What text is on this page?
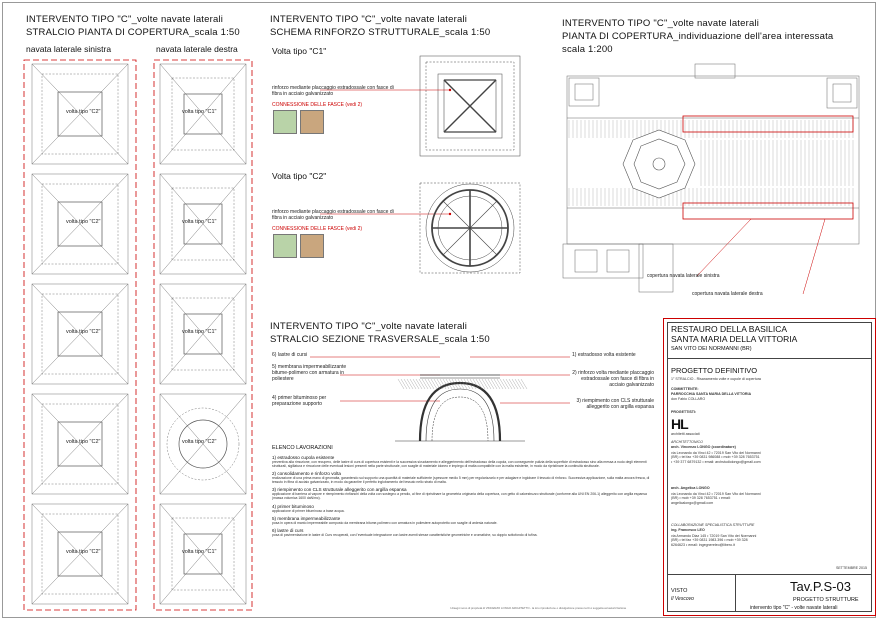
INTERVENTO TIPO "C"_volte navate laterali
STRALCIO PIANTA DI COPERTURA_scala 1:50
navata laterale sinistra	navata laterale destra
volta tipo "C2"
volta tipo "C2"
volta tipo "C2"
volta tipo "C2"
volta tipo "C2"
volta tipo "C1"
volta tipo "C1"
volta tipo "C1"
volta tipo "C2"
volta tipo "C1"
INTERVENTO TIPO "C"_volte navate laterali
SCHEMA RINFORZO STRUTTURALE_scala 1:50
Volta tipo "C1"
Volta tipo "C2"
rinforzo mediante placcaggio estradossale con fasce di fibra in acciaio galvanizzato
CONNESSIONE DELLE FASCE (vedi 2)
rinforzo mediante placcaggio estradossale con fasce di fibra in acciaio galvanizzato
CONNESSIONE DELLE FASCE (vedi 2)
INTERVENTO TIPO "C"_volte navate laterali
PIANTA DI COPERTURA_individuazione dell'area interessata
scala 1:200
copertura navata laterale sinistra
copertura navata laterale destra
INTERVENTO TIPO "C"_volte navate laterali
STRALCIO SEZIONE TRASVERSALE_scala 1:50
6) lastre di cursi
5) membrana impermeabilizzante bitume-polimero con armatura in poliestere
4) primer bituminoso per preparazione supporto
1) estradosso volta esistente
2) rinforzo volta mediante placcaggio estradossale con fasce di fibra in acciaio galvanizzato
3) riempimento con CLS strutturale alleggerito con argilla espansa
ELENCO LAVORAZIONI
1) estradosso cupola esistente
preventiva alla rimozione, con recupero, delle lastre di curs di copertura esistenti e la successiva sivuotamento e alleggerimento dell'estradosso della cupola, con conseguente pulizia della superficie di estradosso sino alla messa a nudo degli elementi strutturali, sigillatura e rimozione delle eventuali lesioni presenti nella parte strutturale, con scaglie di materiale idoneo e impiego di malta compatibile con la malta esistente, in modo da ripristinare la continuità strutturale.
2) consolidamento e rinforzo volta
realizzazione di una prima mano di geomalta, garantendo sul supporto una quantità di materiale sufficiente (spessore medio 5 mm) per regolarizzarlo e per adagiare e inglobare il tessuto di rinforzo. Successiva applicazione, sulla malta ancora fresca, di tessuto in fibra di acciaio galvanizzato, in modo da garantire il perfetto inglobamento del tessuto nello strato di malta.
3) riempimento con CLS strutturale alleggerito con argilla espansa
applicazione di barriera al vapore e riempimento rinfianchi della volta con sostegno a pendio, al fine di ripristinare la geometria originaria della copertura, con getto di calcestruzzo strutturale (conforme alla UNI EN 206-1) alleggerito con argilla espansa (massa volumica 1600 daN/mc).
4) primer bituminoso
applicazione di primer bituminoso a base acqua.
5) membrana impermeabilizzante
posa in opera di manto impermeabile composto da membrana bitume-polimero con armatura in poliestere autoprotetto con scaglie di ardesia naturale.
6) lastre di curs
posa di pavimentazione in lastre di Curs recuperati, con l'eventuale integrazione con lastre aventi stesse caratteristiche geometriche e cromatiche, su doppio sottofondo di tufina.
RESTAURO DELLA BASILICA
SANTA MARIA DELLA VITTORIA
SAN VITO DEI NORMANNI (BR)
PROGETTO DEFINITIVO
1° STRALCIO - Risanamento volte e cupole di copertura
COMMITTENTE:
PARROCCHIA SANTA MARIA DELLA VITTORIA
don Fabio COLLARO
PROGETTISTI:
HL
architetti associati
ARCHITETTONICO
arch. Vincenzo LONGO (coordinatore)
via Leonardo da Vinci 42 • 72019 San Vito dei Normanni (BR) • tel fax +39 0831 986088 • mob +39 328 7653751 • +39 377 6879132 • email: archstudiolongo@gmail.com
arch. Angelica LONGO
via Leonardo da Vinci 42 • 72019 San Vito dei Normanni (BR) • mob +39 328 7653751 • email: angelicalongo@gmail.com
COLLABORAZIONE SPECIALISTICA STRUTTURE
ing. Francesco LEO
via Armando Diaz 145 • 72019 San Vito dei Normanni (BR) • tel fax +39 0831 1983.396 • mob +39 328 6264623 • email: ingegnereleo@libero.it
SETTEMBRE 2015
VISTO
Il Vescovo
Tav.P.S-03
PROGETTO STRUTTURE
intervento tipo "C" - volte navate laterali
I disegni sono di proprietà di VINCENZO LONGO ARCHITETTO - la loro riproduzione o divulgazione presso terzi è soggetta ad autorizzazione
